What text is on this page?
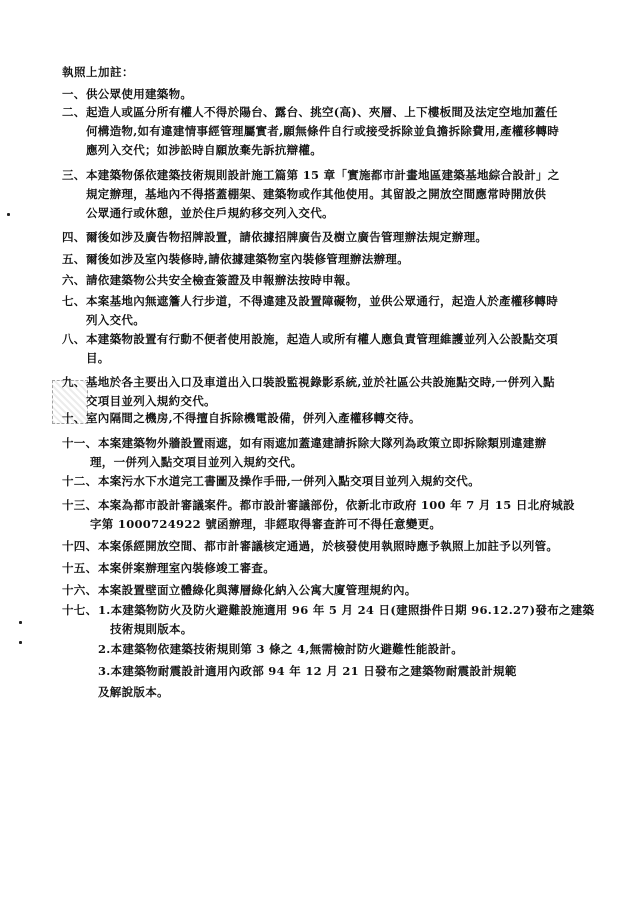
執照上加註：
一、 供公眾使用建築物。
二、 起造人或區分所有權人不得於陽台、露台、挑空(高)、夾層、上下樓板間及法定空地加蓋任
何構造物,如有違建情事經管理屬實者,願無條件自行或接受拆除並負擔拆除費用,產權移轉時
應列入交代；如涉訟時自願放棄先訴抗辯權。
三、 本建築物係依建築技術規則設計施工篇第 15 章「實施都市計畫地區建築基地綜合設計」之
規定辦理，基地內不得搭蓋棚架、建築物或作其他使用。其留設之開放空間應常時開放供
公眾通行或休憩，並於住戶規約移交列入交代。
四、 爾後如涉及廣告物招牌設置，請依據招牌廣告及樹立廣告管理辦法規定辦理。
五、 爾後如涉及室內裝修時,請依據建築物室內裝修管理辦法辦理。
六、 請依建築物公共安全檢查簽證及申報辦法按時申報。
七、 本案基地內無遮簷人行步道，不得違建及設置障礙物，並供公眾通行，起造人於產權移轉時
列入交代。
八、 本建築物設置有行動不便者使用設施，起造人或所有權人應負責管理維護並列入公設點交項
目。
九、 基地於各主要出入口及車道出入口裝設監視錄影系統,並於社區公共設施點交時,一併列入點
交項目並列入規約交代。
十、 室內隔間之機房,不得擅自拆除機電設備，併列入產權移轉交待。
十一、 本案建築物外牆設置雨遮，如有雨遮加蓋違建請拆除大隊列為政策立即拆除類別違建辦
理，一併列入點交項目並列入規約交代。
十二、 本案污水下水道完工書圖及操作手冊,一併列入點交項目並列入規約交代。
十三、 本案為都市設計審議案件。都市設計審議部份，依新北市政府 100 年 7 月 15 日北府城設
字第 1000724922 號函辦理，非經取得審查許可不得任意變更。
十四、 本案係經開放空間、都市計審議核定通過，於核發使用執照時應予執照上加註予以列管。
十五、 本案併案辦理室內裝修竣工審查。
十六、 本案設置壁面立體綠化與薄層綠化納入公寓大廈管理規約內。
十七、 1.本建築物防火及防火避難設施適用 96 年 5 月 24 日(建照掛件日期 96.12.27)發布之建築
技術規則版本。
2.本建築物依建築技術規則第 3 條之 4,無需檢討防火避難性能設計。
3.本建築物耐震設計適用內政部 94 年 12 月 21 日發布之建築物耐震設計規範
及解說版本。
